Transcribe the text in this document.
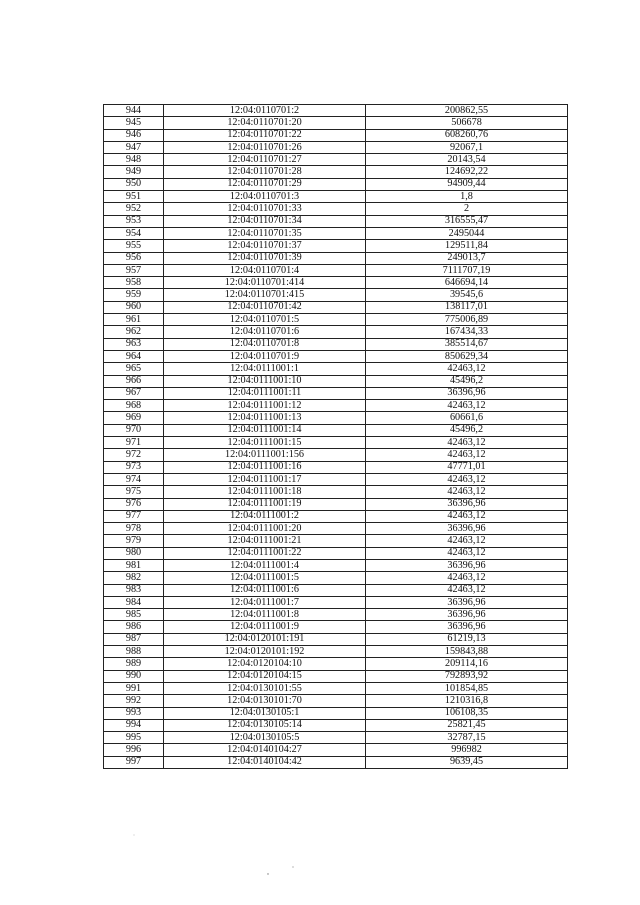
944	12:04:0110701:2	200862,55
945	12:04:0110701:20	506678
946	12:04:0110701:22	608260,76
947	12:04:0110701:26	92067,1
948	12:04:0110701:27	20143,54
949	12:04:0110701:28	124692,22
950	12:04:0110701:29	94909,44
951	12:04:0110701:3	1,8
952	12:04:0110701:33	2
953	12:04:0110701:34	316555,47
954	12:04:0110701:35	2495044
955	12:04:0110701:37	129511,84
956	12:04:0110701:39	249013,7
957	12:04:0110701:4	7111707,19
958	12:04:0110701:414	646694,14
959	12:04:0110701:415	39545,6
960	12:04:0110701:42	138117,01
961	12:04:0110701:5	775006,89
962	12:04:0110701:6	167434,33
963	12:04:0110701:8	385514,67
964	12:04:0110701:9	850629,34
965	12:04:0111001:1	42463,12
966	12:04:0111001:10	45496,2
967	12:04:0111001:11	36396,96
968	12:04:0111001:12	42463,12
969	12:04:0111001:13	60661,6
970	12:04:0111001:14	45496,2
971	12:04:0111001:15	42463,12
972	12:04:0111001:156	42463,12
973	12:04:0111001:16	47771,01
974	12:04:0111001:17	42463,12
975	12:04:0111001:18	42463,12
976	12:04:0111001:19	36396,96
977	12:04:0111001:2	42463,12
978	12:04:0111001:20	36396,96
979	12:04:0111001:21	42463,12
980	12:04:0111001:22	42463,12
981	12:04:0111001:4	36396,96
982	12:04:0111001:5	42463,12
983	12:04:0111001:6	42463,12
984	12:04:0111001:7	36396,96
985	12:04:0111001:8	36396,96
986	12:04:0111001:9	36396,96
987	12:04:0120101:191	61219,13
988	12:04:0120101:192	159843,88
989	12:04:0120104:10	209114,16
990	12:04:0120104:15	792893,92
991	12:04:0130101:55	101854,85
992	12:04:0130101:70	1210316,8
993	12:04:0130105:1	106108,35
994	12:04:0130105:14	25821,45
995	12:04:0130105:5	32787,15
996	12:04:0140104:27	996982
997	12:04:0140104:42	9639,45
